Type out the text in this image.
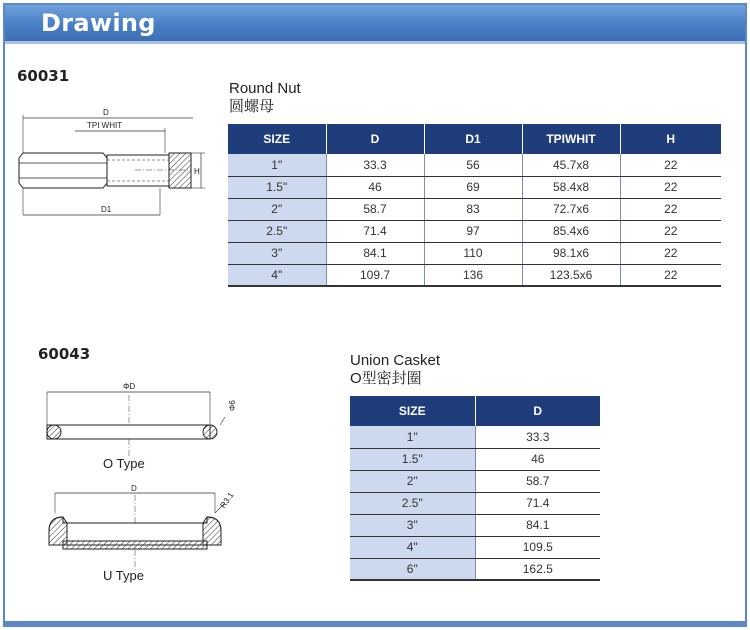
Drawing
60031
D
TPI WHIT
H
D1
Round Nut
圆螺母
SIZE	D	D1	TPIWHIT	H
1"	33.3	56	45.7x8	22
1.5"	46	69	58.4x8	22
2"	58.7	83	72.7x6	22
2.5"	71.4	97	85.4x6	22
3"	84.1	110	98.1x6	22
4"	109.7	136	123.5x6	22
60043
ΦD
Φ6
O Type
D
R3.1
U Type
Union Casket
O型密封圈
SIZE	D
1"	33.3
1.5"	46
2"	58.7
2.5"	71.4
3"	84.1
4"	109.5
6"	162.5
